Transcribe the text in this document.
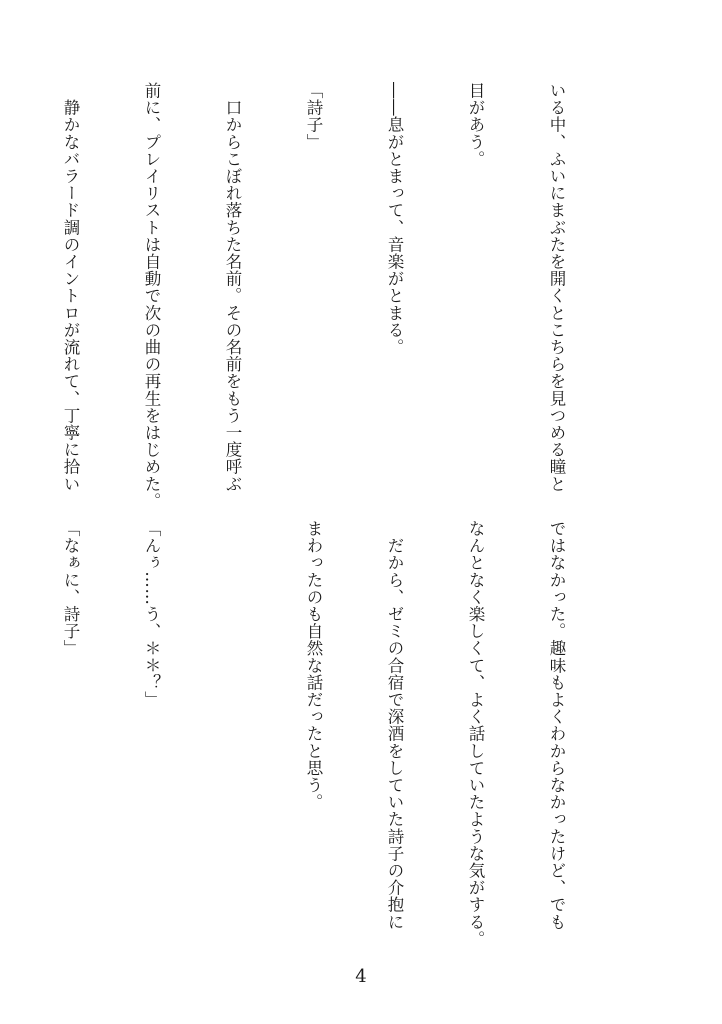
いる中、ふいにまぶたを開くとこちらを見つめる瞳と

目があう。

――息がとまって、音楽がとまる。

「詩子」

　口からこぼれ落ちた名前。その名前をもう一度呼ぶ

前に、プレイリストは自動で次の曲の再生をはじめた。

　静かなバラード調のイントロが流れて、丁寧に拾い

ではなかった。趣味もよくわからなかったけど、でも

なんとなく楽しくて、よく話していたような気がする。

　だから、ゼミの合宿で深酒をしていた詩子の介抱に

まわったのも自然な話だったと思う。

「んぅ……う、＊＊？」

「なぁに、詩子」

4
